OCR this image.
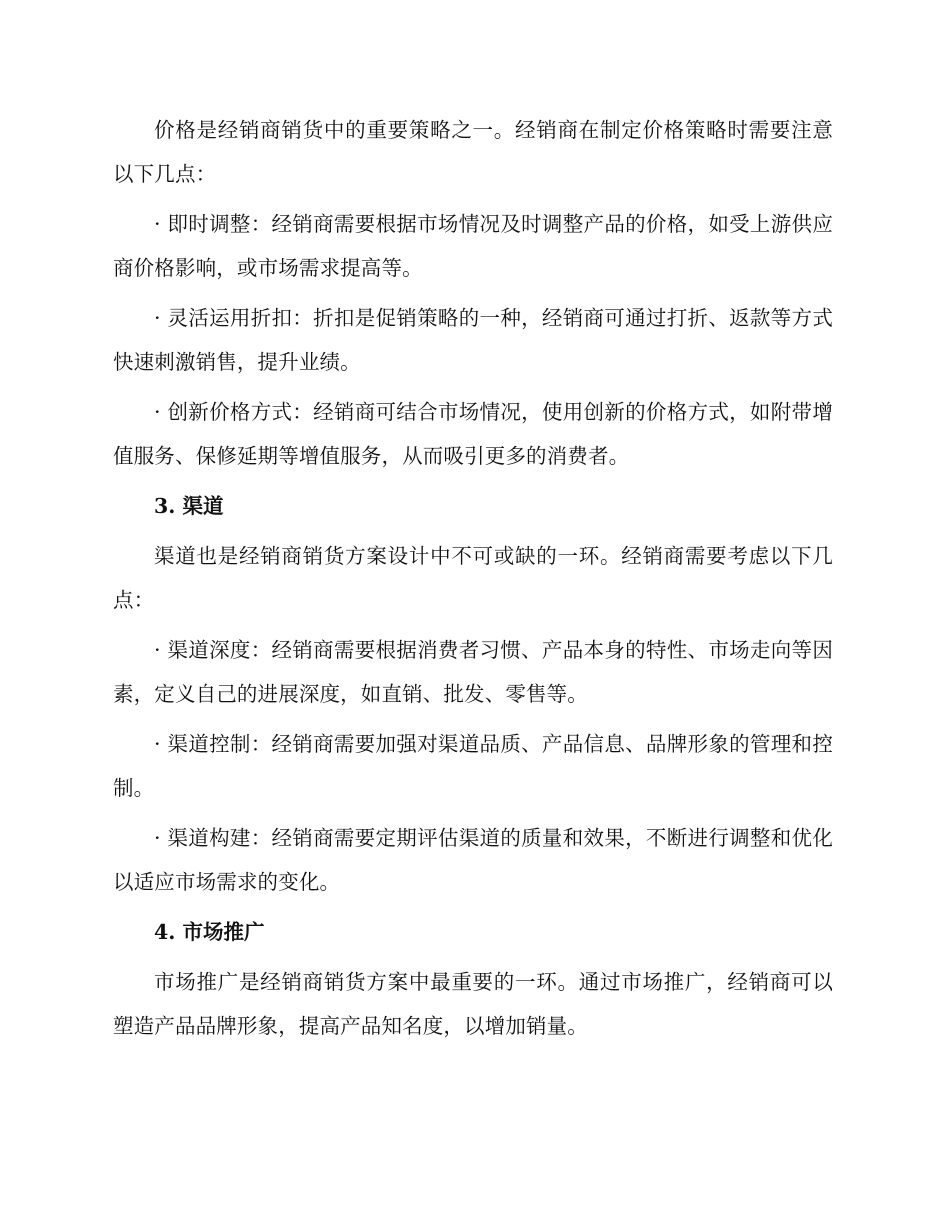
价格是经销商销货中的重要策略之一。经销商在制定价格策略时需要注意以下几点：

· 即时调整：经销商需要根据市场情况及时调整产品的价格，如受上游供应商价格影响，或市场需求提高等。

· 灵活运用折扣：折扣是促销策略的一种，经销商可通过打折、返款等方式快速刺激销售，提升业绩。

· 创新价格方式：经销商可结合市场情况，使用创新的价格方式，如附带增值服务、保修延期等增值服务，从而吸引更多的消费者。

3. 渠道

渠道也是经销商销货方案设计中不可或缺的一环。经销商需要考虑以下几点：

· 渠道深度：经销商需要根据消费者习惯、产品本身的特性、市场走向等因素，定义自己的进展深度，如直销、批发、零售等。

· 渠道控制：经销商需要加强对渠道品质、产品信息、品牌形象的管理和控制。

· 渠道构建：经销商需要定期评估渠道的质量和效果，不断进行调整和优化以适应市场需求的变化。

4. 市场推广

市场推广是经销商销货方案中最重要的一环。通过市场推广，经销商可以塑造产品品牌形象，提高产品知名度，以增加销量。
